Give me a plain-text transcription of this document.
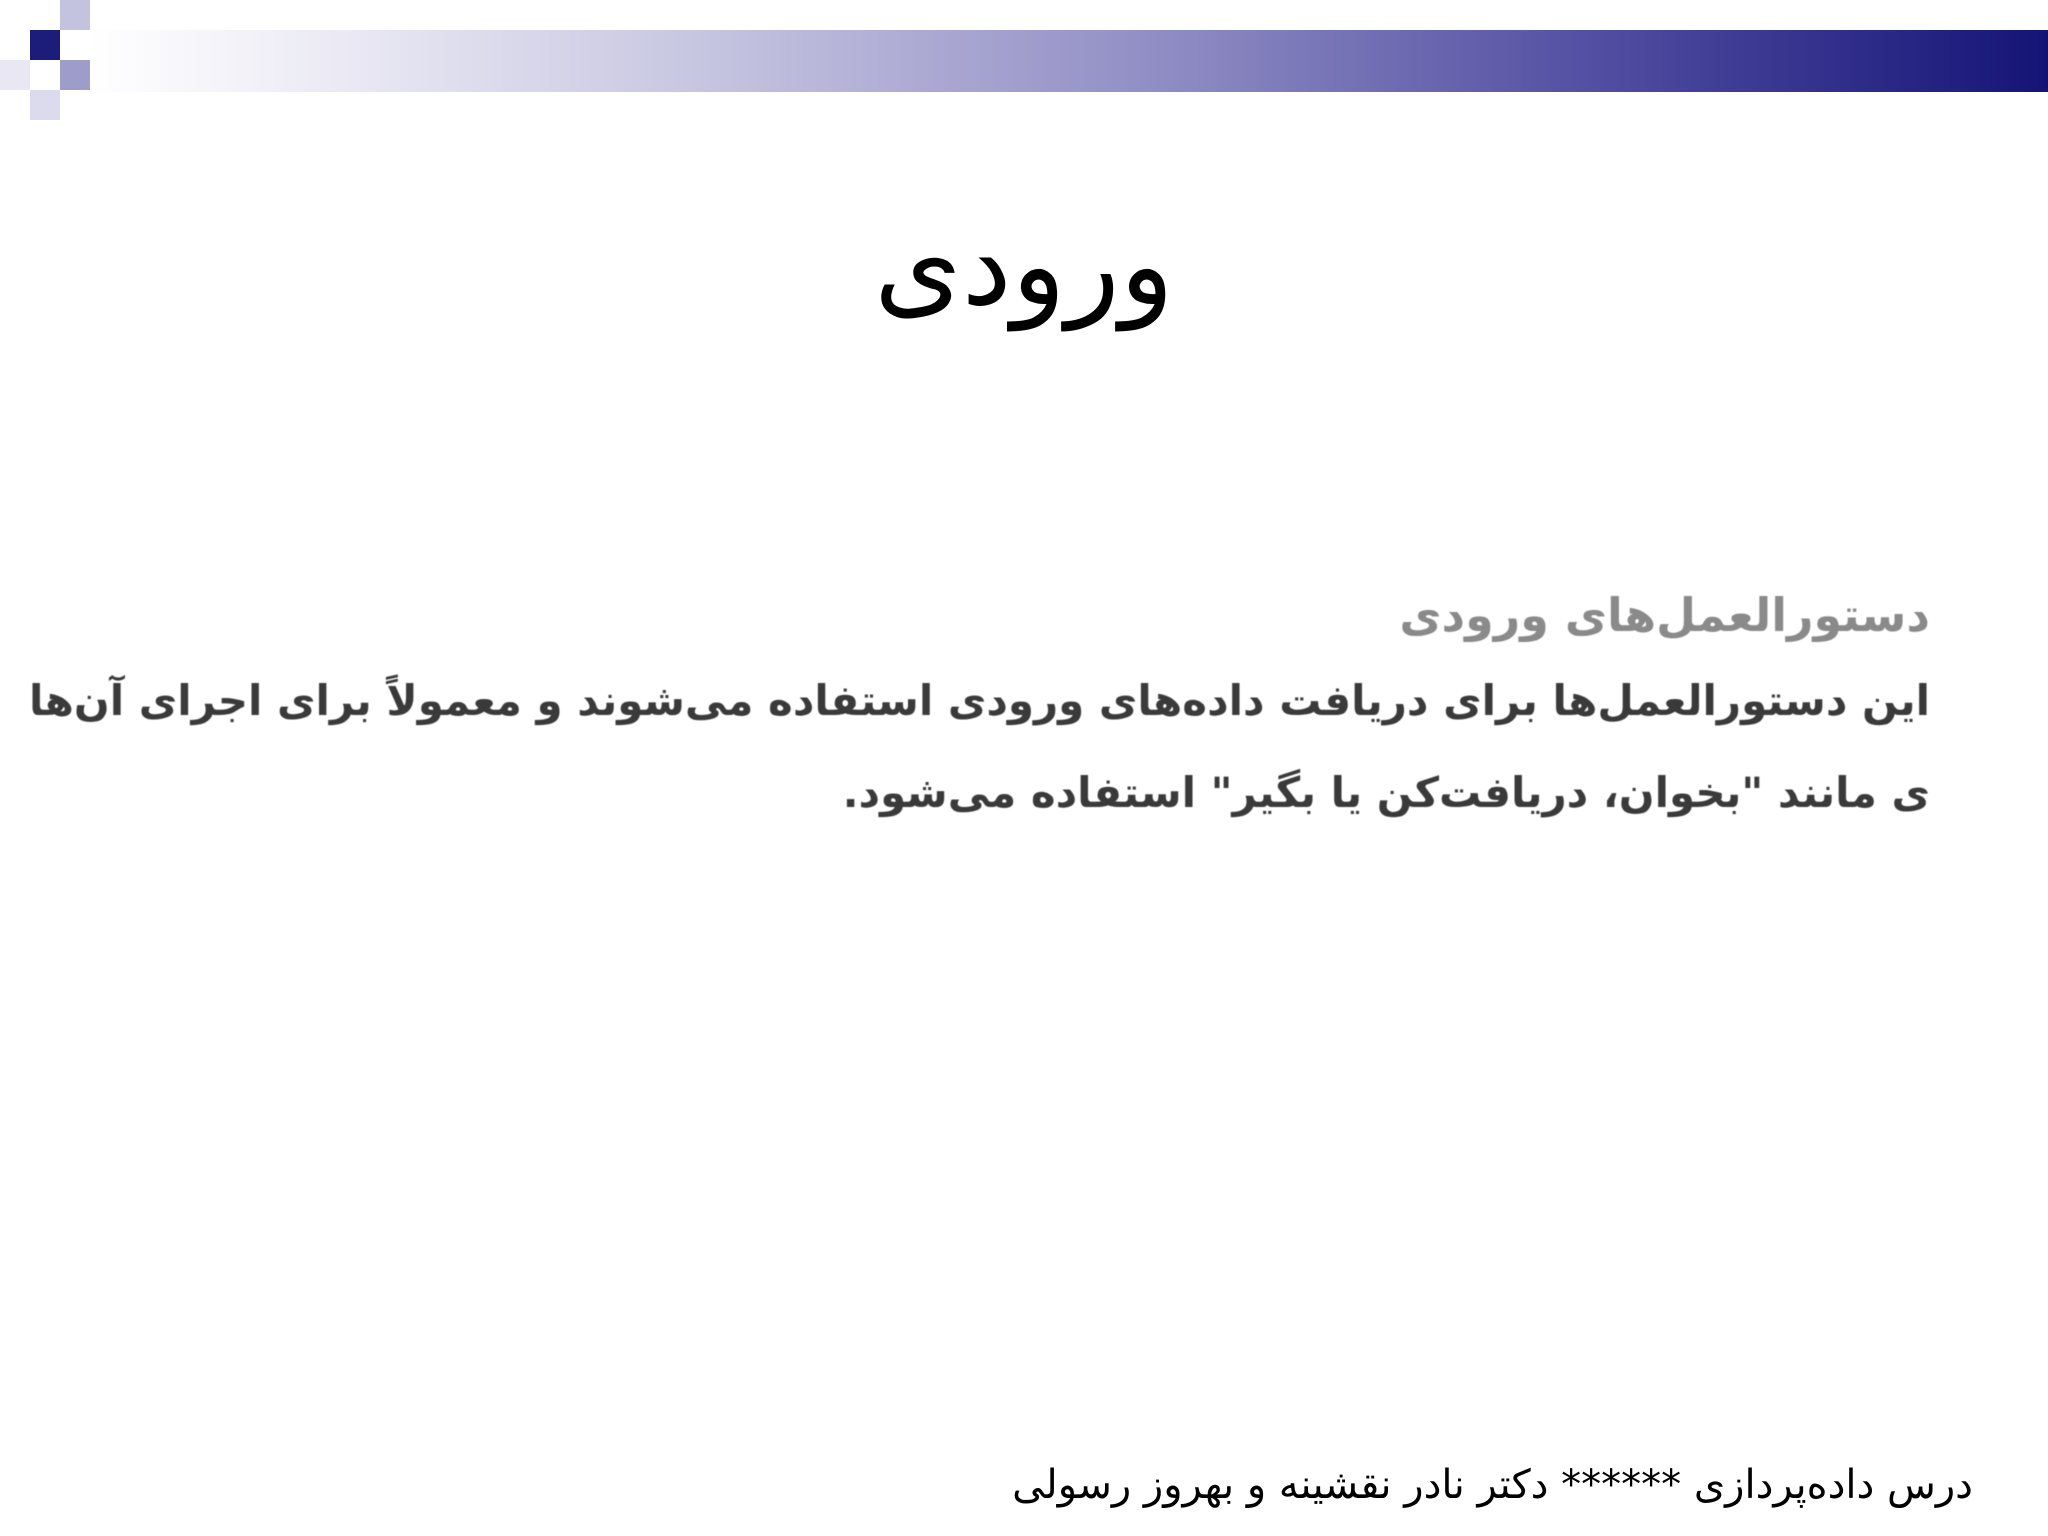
ورودی
دستورالعمل‌های ورودی
این دستورالعمل‌ها برای دریافت داده‌های ورودی استفاده می‌شوند و معمولاً برای اجرای آن‌ها
ی مانند "بخوان، دریافت‌کن یا بگیر" استفاده می‌شود.
درس داده‌پردازی ****** دکتر نادر نقشینه و بهروز رسولی
